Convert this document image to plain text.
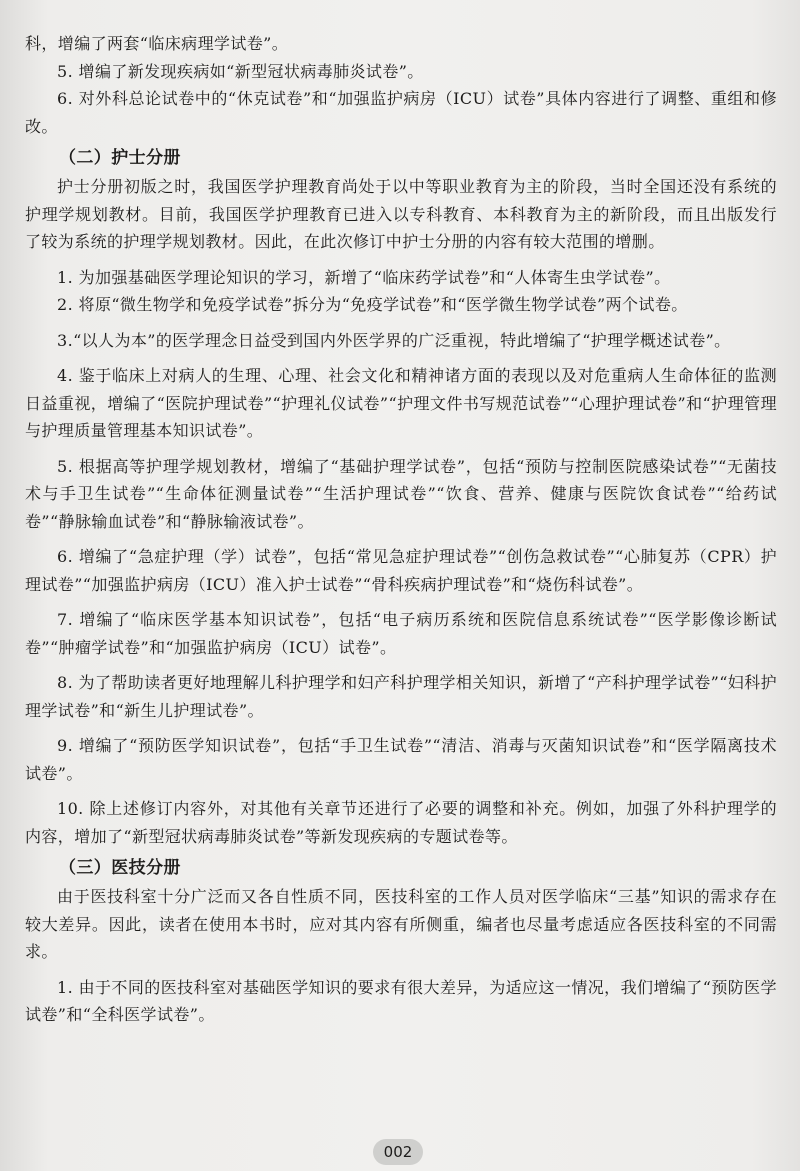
科，增编了两套“临床病理学试卷”。

5. 增编了新发现疾病如“新型冠状病毒肺炎试卷”。

6. 对外科总论试卷中的“休克试卷”和“加强监护病房（ICU）试卷”具体内容进行了调整、重组和修改。

（二）护士分册

护士分册初版之时，我国医学护理教育尚处于以中等职业教育为主的阶段，当时全国还没有系统的护理学规划教材。目前，我国医学护理教育已进入以专科教育、本科教育为主的新阶段，而且出版发行了较为系统的护理学规划教材。因此，在此次修订中护士分册的内容有较大范围的增删。

1. 为加强基础医学理论知识的学习，新增了“临床药学试卷”和“人体寄生虫学试卷”。

2. 将原“微生物学和免疫学试卷”拆分为“免疫学试卷”和“医学微生物学试卷”两个试卷。

3.“以人为本”的医学理念日益受到国内外医学界的广泛重视，特此增编了“护理学概述试卷”。

4. 鉴于临床上对病人的生理、心理、社会文化和精神诸方面的表现以及对危重病人生命体征的监测日益重视，增编了“医院护理试卷”“护理礼仪试卷”“护理文件书写规范试卷”“心理护理试卷”和“护理管理与护理质量管理基本知识试卷”。

5. 根据高等护理学规划教材，增编了“基础护理学试卷”，包括“预防与控制医院感染试卷”“无菌技术与手卫生试卷”“生命体征测量试卷”“生活护理试卷”“饮食、营养、健康与医院饮食试卷”“给药试卷”“静脉输血试卷”和“静脉输液试卷”。

6. 增编了“急症护理（学）试卷”，包括“常见急症护理试卷”“创伤急救试卷”“心肺复苏（CPR）护理试卷”“加强监护病房（ICU）准入护士试卷”“骨科疾病护理试卷”和“烧伤科试卷”。

7. 增编了“临床医学基本知识试卷”，包括“电子病历系统和医院信息系统试卷”“医学影像诊断试卷”“肿瘤学试卷”和“加强监护病房（ICU）试卷”。

8. 为了帮助读者更好地理解儿科护理学和妇产科护理学相关知识，新增了“产科护理学试卷”“妇科护理学试卷”和“新生儿护理试卷”。

9. 增编了“预防医学知识试卷”，包括“手卫生试卷”“清洁、消毒与灭菌知识试卷”和“医学隔离技术试卷”。

10. 除上述修订内容外，对其他有关章节还进行了必要的调整和补充。例如，加强了外科护理学的内容，增加了“新型冠状病毒肺炎试卷”等新发现疾病的专题试卷等。

（三）医技分册

由于医技科室十分广泛而又各自性质不同，医技科室的工作人员对医学临床“三基”知识的需求存在较大差异。因此，读者在使用本书时，应对其内容有所侧重，编者也尽量考虑适应各医技科室的不同需求。

1. 由于不同的医技科室对基础医学知识的要求有很大差异，为适应这一情况，我们增编了“预防医学试卷”和“全科医学试卷”。

002
